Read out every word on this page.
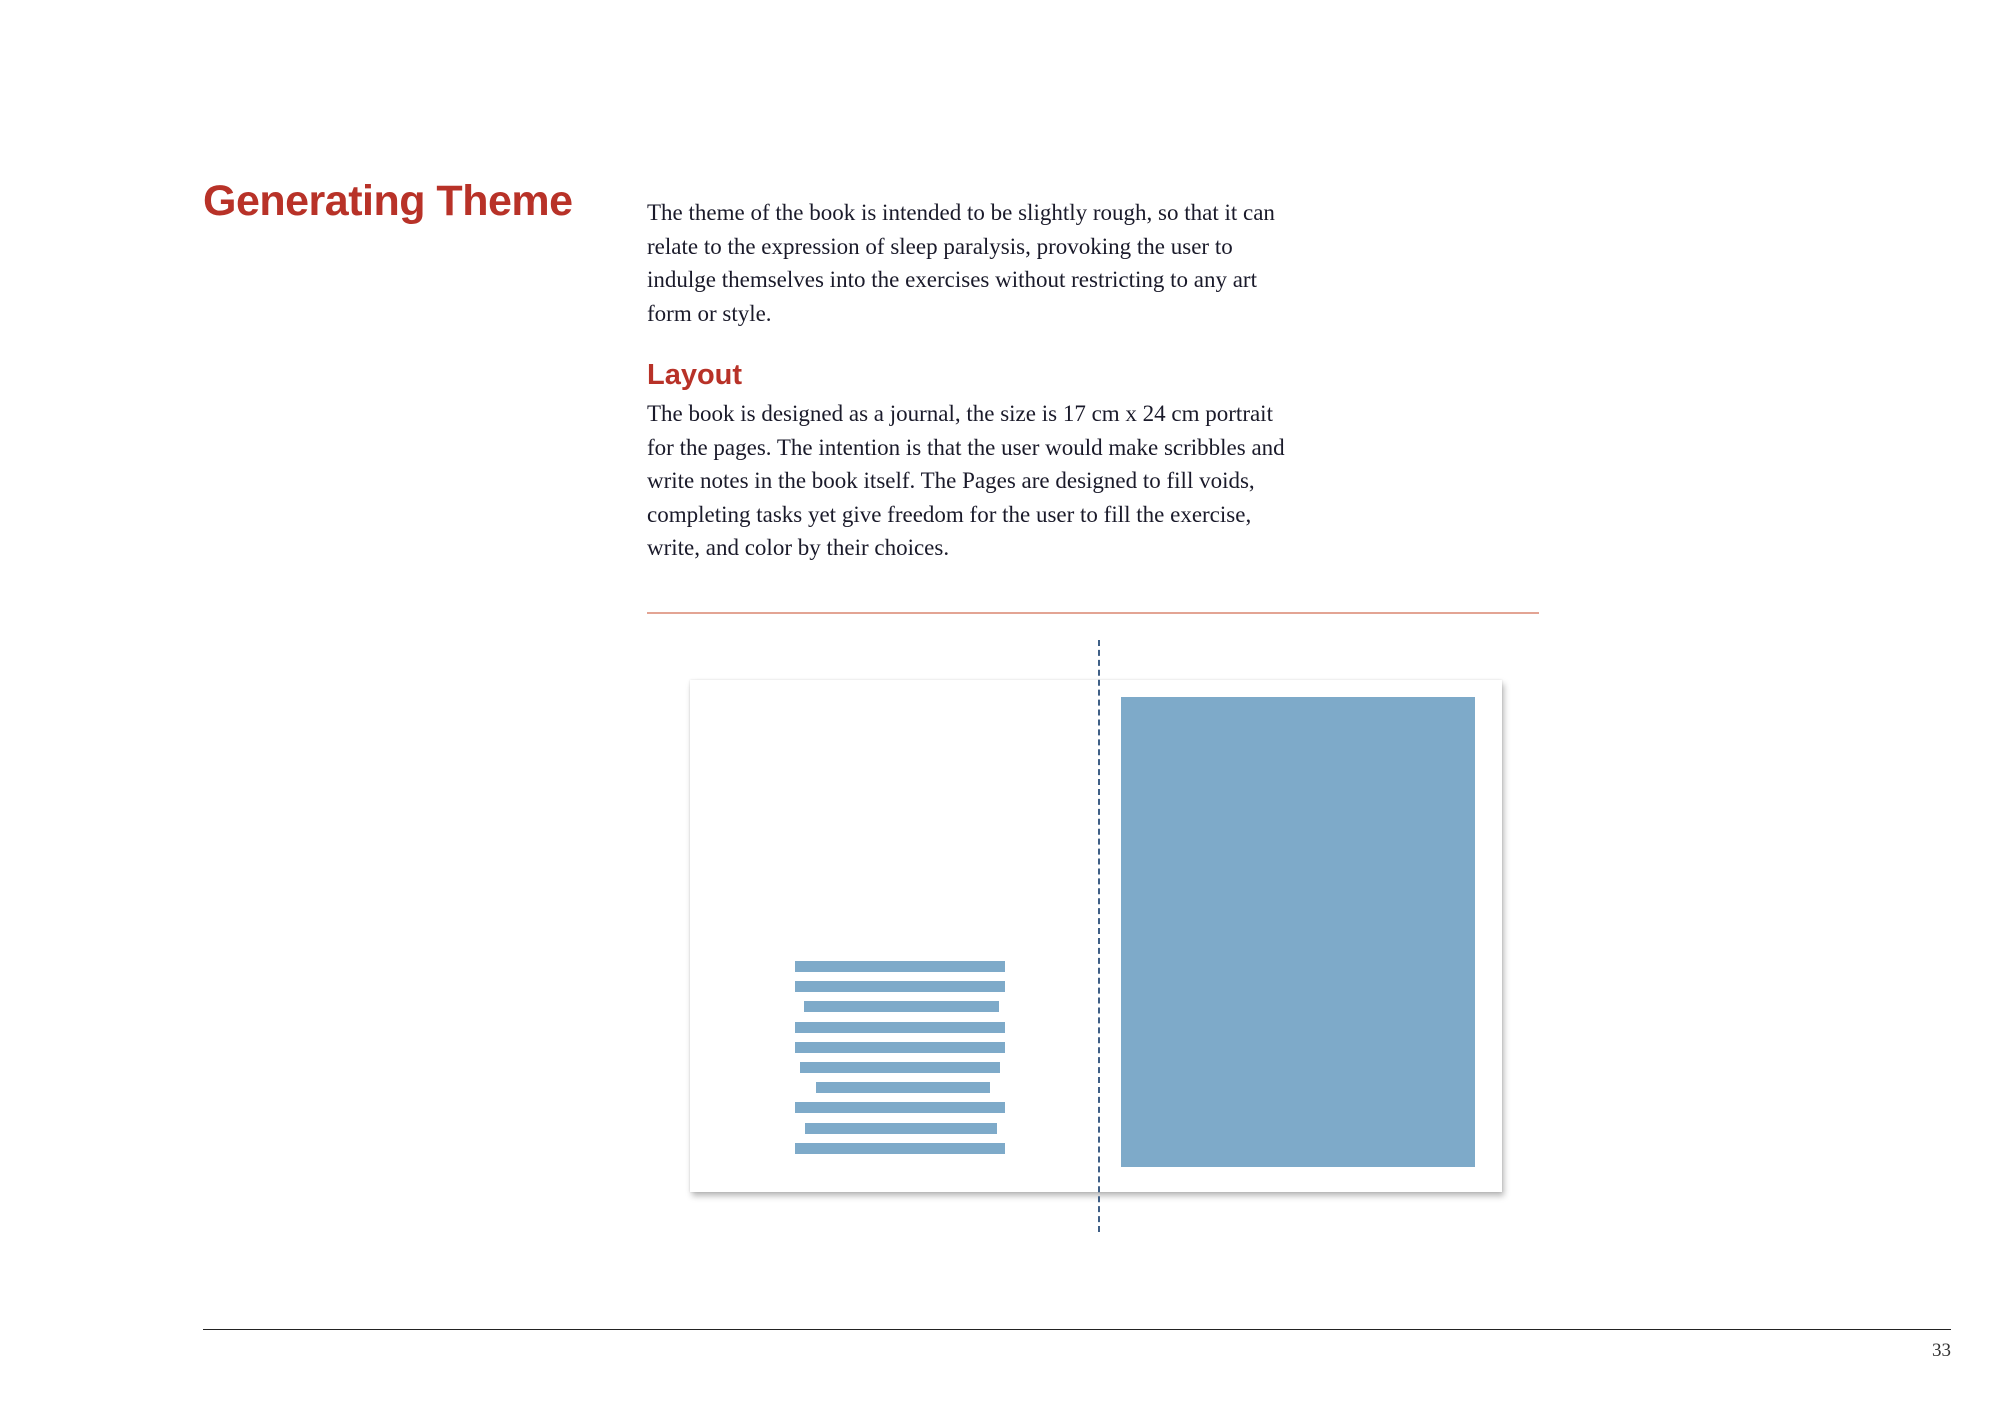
Generating Theme	The theme of the book is intended to be slightly rough, so that it can relate to the expression of sleep paralysis, provoking the user to indulge themselves into the exercises without restricting to any art form or style.

Layout

The book is designed as a journal, the size is 17 cm x 24 cm portrait for the pages. The intention is that the user would make scribbles and write notes in the book itself. The Pages are designed to fill voids, completing tasks yet give freedom for the user to fill the exercise, write, and color by their choices.

33
